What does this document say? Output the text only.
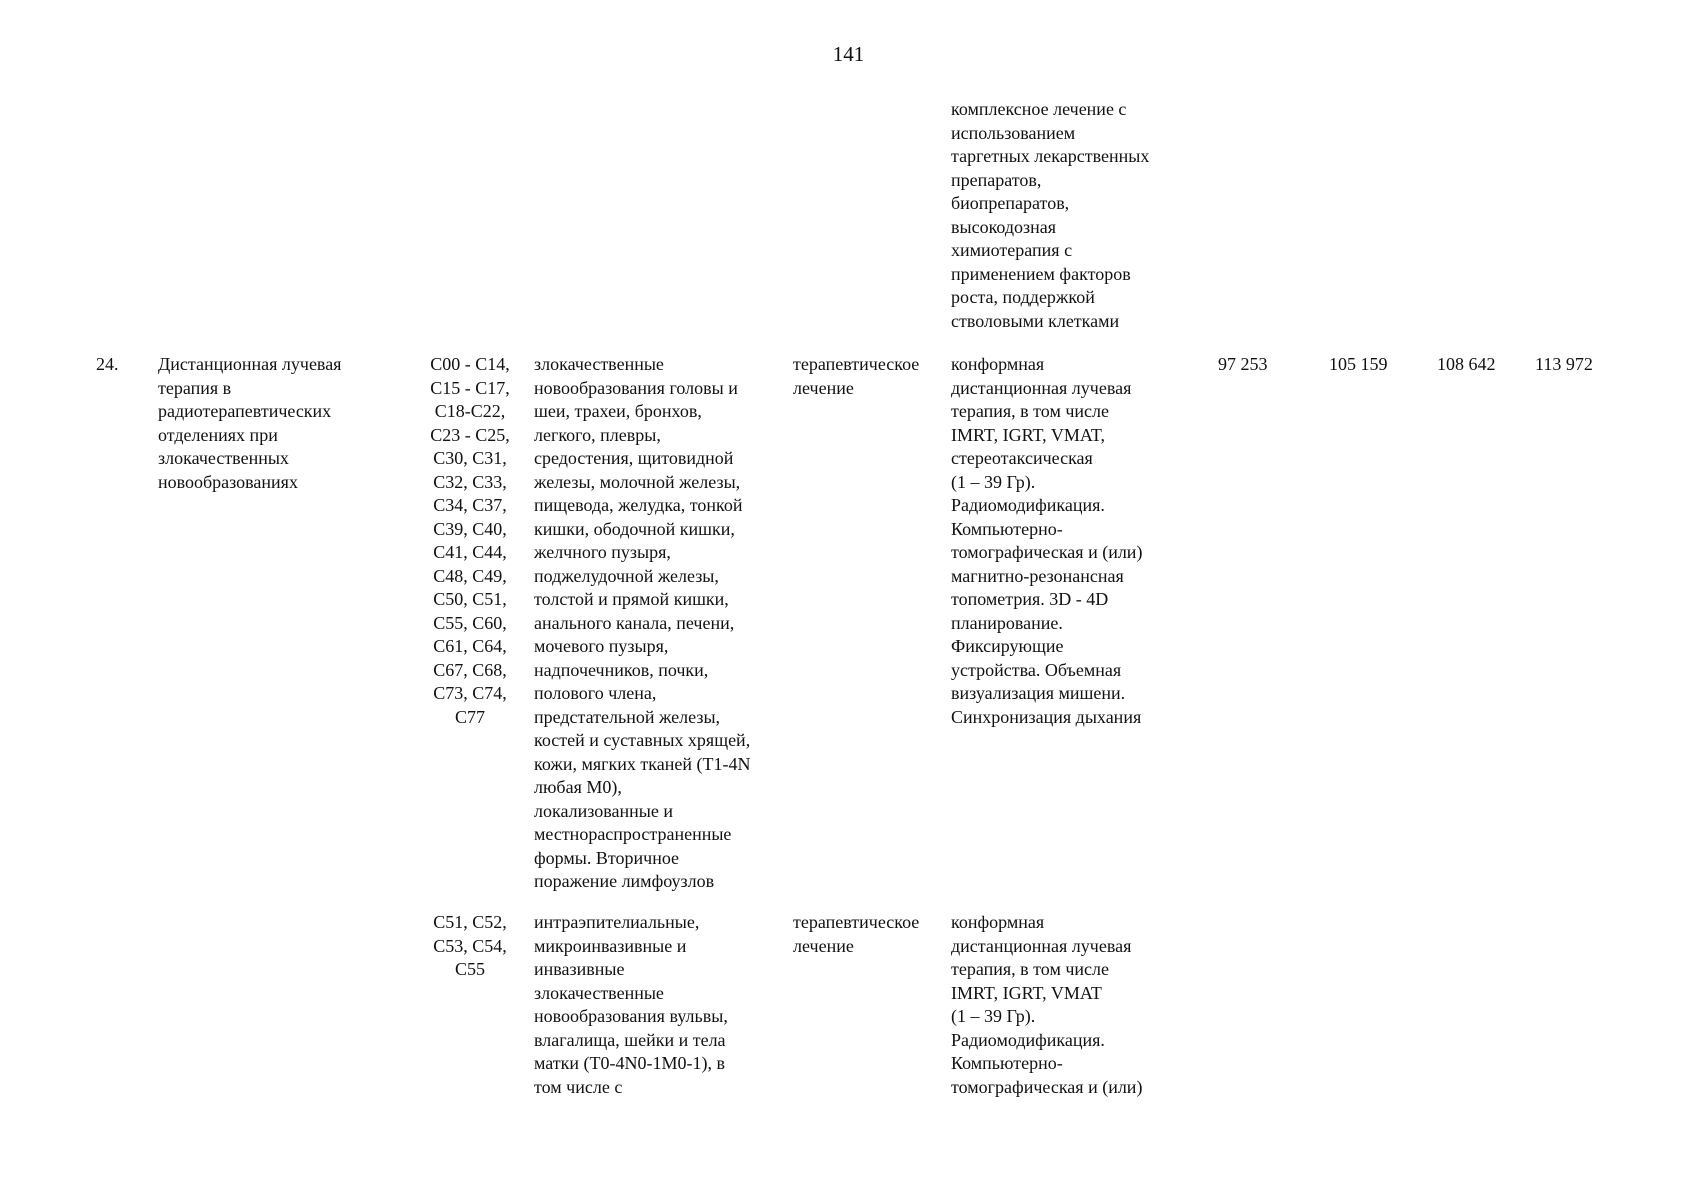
141
комплексное лечение с
использованием
таргетных лекарственных
препаратов,
биопрепаратов,
высокодозная
химиотерапия с
применением факторов
роста, поддержкой
стволовыми клетками
24. Дистанционная лучевая
терапия в
радиотерапевтических
отделениях при
злокачественных
новообразованиях
C00 - C14,
C15 - C17,
C18-C22,
C23 - C25,
C30, C31,
C32, C33,
C34, C37,
C39, C40,
C41, C44,
C48, C49,
C50, C51,
C55, C60,
C61, C64,
C67, C68,
C73, C74,
C77
злокачественные
новообразования головы и
шеи, трахеи, бронхов,
легкого, плевры,
средостения, щитовидной
железы, молочной железы,
пищевода, желудка, тонкой
кишки, ободочной кишки,
желчного пузыря,
поджелудочной железы,
толстой и прямой кишки,
анального канала, печени,
мочевого пузыря,
надпочечников, почки,
полового члена,
предстательной железы,
костей и суставных хрящей,
кожи, мягких тканей (T1-4N
любая M0),
локализованные и
местнораспространенные
формы. Вторичное
поражение лимфоузлов
терапевтическое
лечение
конформная
дистанционная лучевая
терапия, в том числе
IMRT, IGRT, VMAT,
стереотаксическая
(1 – 39 Гр).
Радиомодификация.
Компьютерно-
томографическая и (или)
магнитно-резонансная
топометрия. 3D - 4D
планирование.
Фиксирующие
устройства. Объемная
визуализация мишени.
Синхронизация дыхания
97 253	105 159	108 642 113 972
C51, C52,
C53, C54,
C55
интраэпителиальные,
микроинвазивные и
инвазивные
злокачественные
новообразования вульвы,
влагалища, шейки и тела
матки (T0-4N0-1M0-1), в
том числе с
терапевтическое
лечение
конформная
дистанционная лучевая
терапия, в том числе
IMRT, IGRT, VMAT
(1 – 39 Гр).
Радиомодификация.
Компьютерно-
томографическая и (или)
